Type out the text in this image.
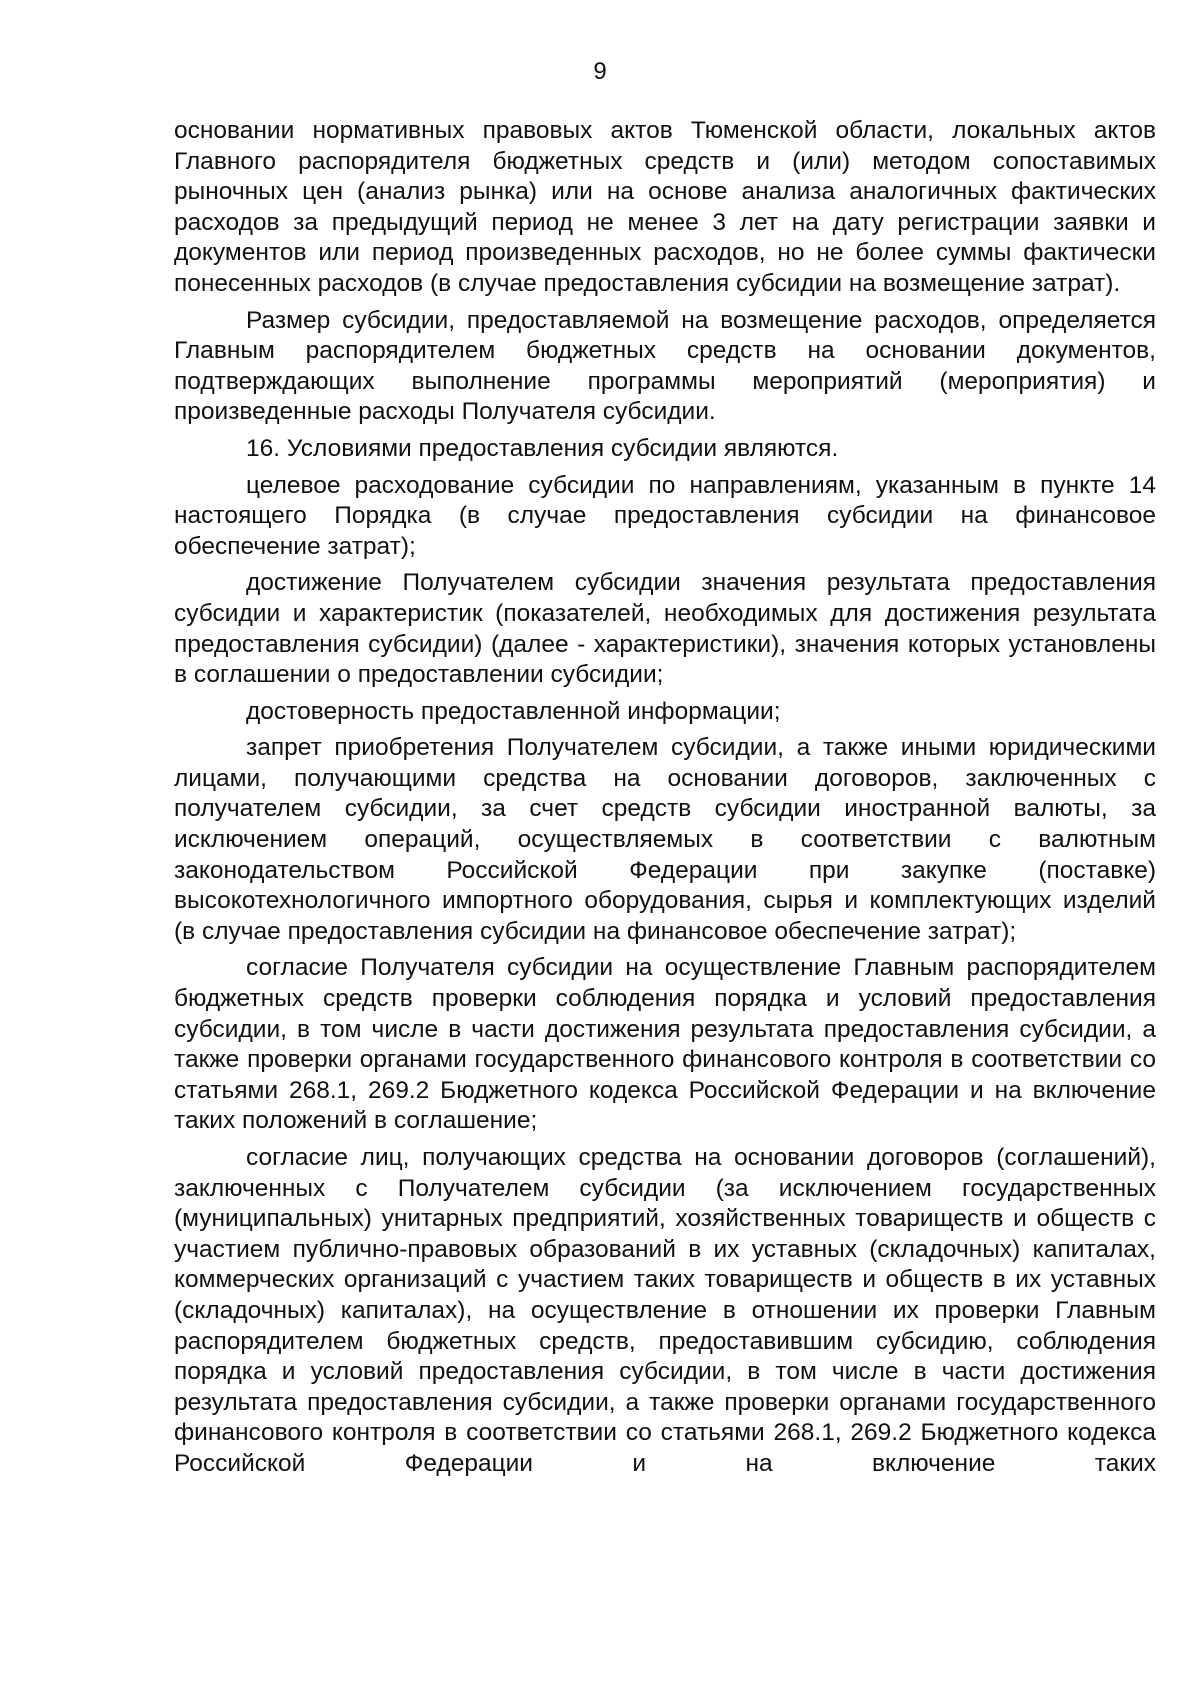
9

основании нормативных правовых актов Тюменской области, локальных актов Главного распорядителя бюджетных средств и (или) методом сопоставимых рыночных цен (анализ рынка) или на основе анализа аналогичных фактических расходов за предыдущий период не менее 3 лет на дату регистрации заявки и документов или период произведенных расходов, но не более суммы фактически понесенных расходов (в случае предоставления субсидии на возмещение затрат).

Размер субсидии, предоставляемой на возмещение расходов, определяется Главным распорядителем бюджетных средств на основании документов, подтверждающих выполнение программы мероприятий (мероприятия) и произведенные расходы Получателя субсидии.

16. Условиями предоставления субсидии являются.

целевое расходование субсидии по направлениям, указанным в пункте 14 настоящего Порядка (в случае предоставления субсидии на финансовое обеспечение затрат);

достижение Получателем субсидии значения результата предоставления субсидии и характеристик (показателей, необходимых для достижения результата предоставления субсидии) (далее - характеристики), значения которых установлены в соглашении о предоставлении субсидии;

достоверность предоставленной информации;

запрет приобретения Получателем субсидии, а также иными юридическими лицами, получающими средства на основании договоров, заключенных с получателем субсидии, за счет средств субсидии иностранной валюты, за исключением операций, осуществляемых в соответствии с валютным законодательством Российской Федерации при закупке (поставке) высокотехнологичного импортного оборудования, сырья и комплектующих изделий (в случае предоставления субсидии на финансовое обеспечение затрат);

согласие Получателя субсидии на осуществление Главным распорядителем бюджетных средств проверки соблюдения порядка и условий предоставления субсидии, в том числе в части достижения результата предоставления субсидии, а также проверки органами государственного финансового контроля в соответствии со статьями 268.1, 269.2 Бюджетного кодекса Российской Федерации и на включение таких положений в соглашение;

согласие лиц, получающих средства на основании договоров (соглашений), заключенных с Получателем субсидии (за исключением государственных (муниципальных) унитарных предприятий, хозяйственных товариществ и обществ с участием публично-правовых образований в их уставных (складочных) капиталах, коммерческих организаций с участием таких товариществ и обществ в их уставных (складочных) капиталах), на осуществление в отношении их проверки Главным распорядителем бюджетных средств, предоставившим субсидию, соблюдения порядка и условий предоставления субсидии, в том числе в части достижения результата предоставления субсидии, а также проверки органами государственного финансового контроля в соответствии со статьями 268.1, 269.2 Бюджетного кодекса Российской Федерации и на включение таких
